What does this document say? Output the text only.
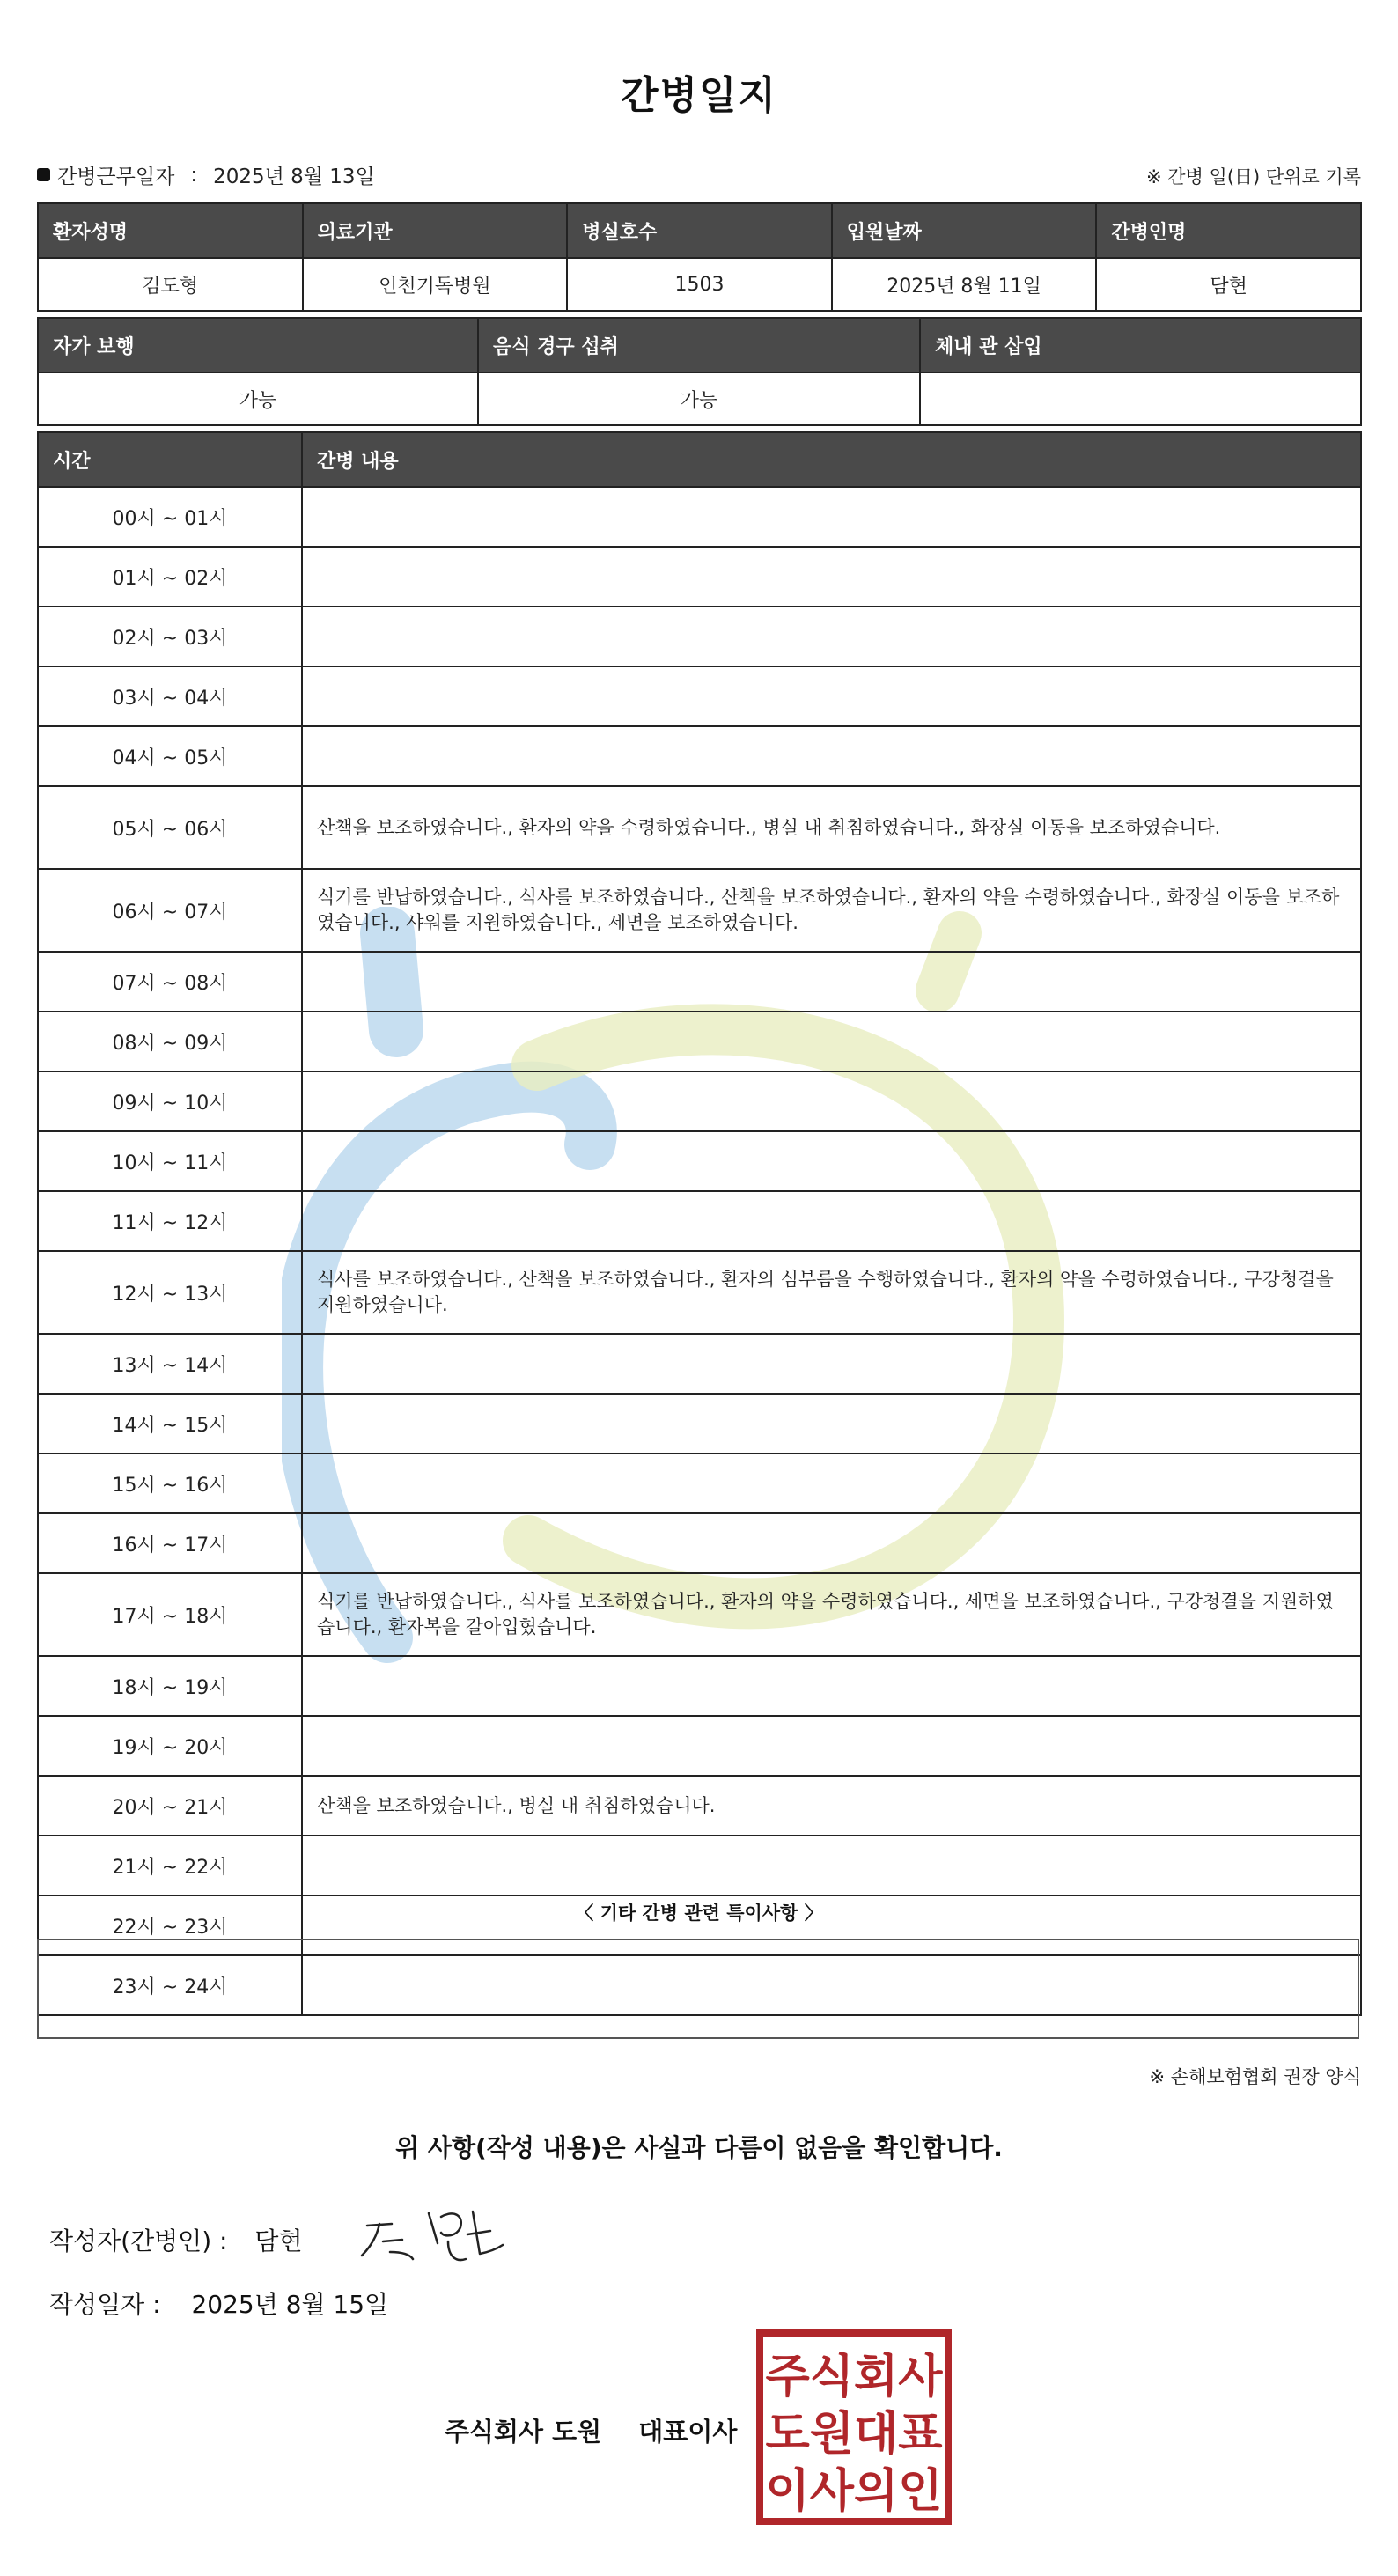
간병일지
간병근무일자 : 2025년 8월 13일	※ 간병 일(日) 단위로 기록
환자성명	의료기관	병실호수	입원날짜	간병인명
김도형	인천기독병원	1503	2025년 8월 11일	담현
자가 보행	음식 경구 섭취	체내 관 삽입
가능	가능	
시간	간병 내용
00시 ~ 01시	
01시 ~ 02시	
02시 ~ 03시	
03시 ~ 04시	
04시 ~ 05시	
05시 ~ 06시	산책을 보조하였습니다., 환자의 약을 수령하였습니다., 병실 내 취침하였습니다., 화장실 이동을 보조하였습니다.
06시 ~ 07시	식기를 반납하였습니다., 식사를 보조하였습니다., 산책을 보조하였습니다., 환자의 약을 수령하였습니다., 화장실 이동을 보조하였습니다., 샤워를 지원하였습니다., 세면을 보조하였습니다.
07시 ~ 08시	
08시 ~ 09시	
09시 ~ 10시	
10시 ~ 11시	
11시 ~ 12시	
12시 ~ 13시	식사를 보조하였습니다., 산책을 보조하였습니다., 환자의 심부름을 수행하였습니다., 환자의 약을 수령하였습니다., 구강청결을 지원하였습니다.
13시 ~ 14시	
14시 ~ 15시	
15시 ~ 16시	
16시 ~ 17시	
17시 ~ 18시	식기를 반납하였습니다., 식사를 보조하였습니다., 환자의 약을 수령하였습니다., 세면을 보조하였습니다., 구강청결을 지원하였습니다., 환자복을 갈아입혔습니다.
18시 ~ 19시	
19시 ~ 20시	
20시 ~ 21시	산책을 보조하였습니다., 병실 내 취침하였습니다.
21시 ~ 22시	
22시 ~ 23시	
23시 ~ 24시	
〈 기타 간병 관련 특이사항 〉
※ 손해보험협회 권장 양식
위 사항(작성 내용)은 사실과 다름이 없음을 확인합니다.
작성자(간병인) : 담현
작성일자 : 2025년 8월 15일
주식회사 도원 대표이사
주식회사
도원대표
이사의인
